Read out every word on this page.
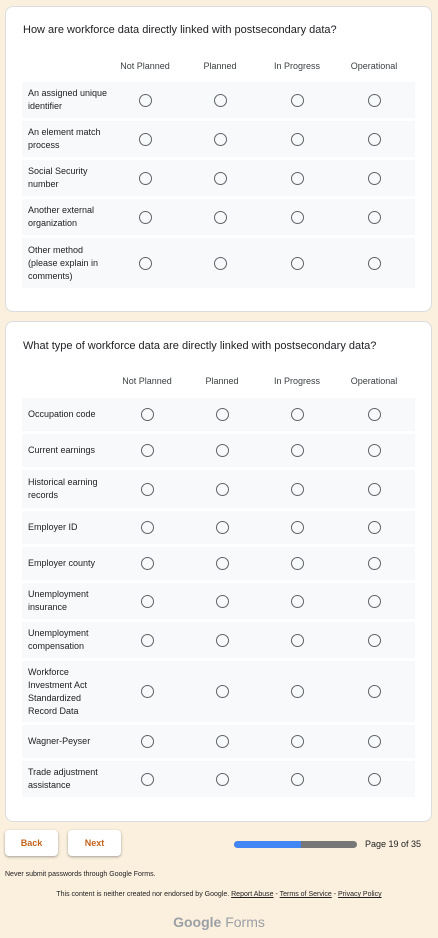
How are workforce data directly linked with postsecondary data?
Not Planned	Planned	In Progress	Operational
An assigned unique identifier
An element match process
Social Security number
Another external organization
Other method (please explain in comments)
What type of workforce data are directly linked with postsecondary data?
Not Planned	Planned	In Progress	Operational
Occupation code
Current earnings
Historical earning records
Employer ID
Employer county
Unemployment insurance
Unemployment compensation
Workforce Investment Act Standardized Record Data
Wagner-Peyser
Trade adjustment assistance
Back	Next	Page 19 of 35
Never submit passwords through Google Forms.
This content is neither created nor endorsed by Google. Report Abuse - Terms of Service - Privacy Policy
Google Forms
